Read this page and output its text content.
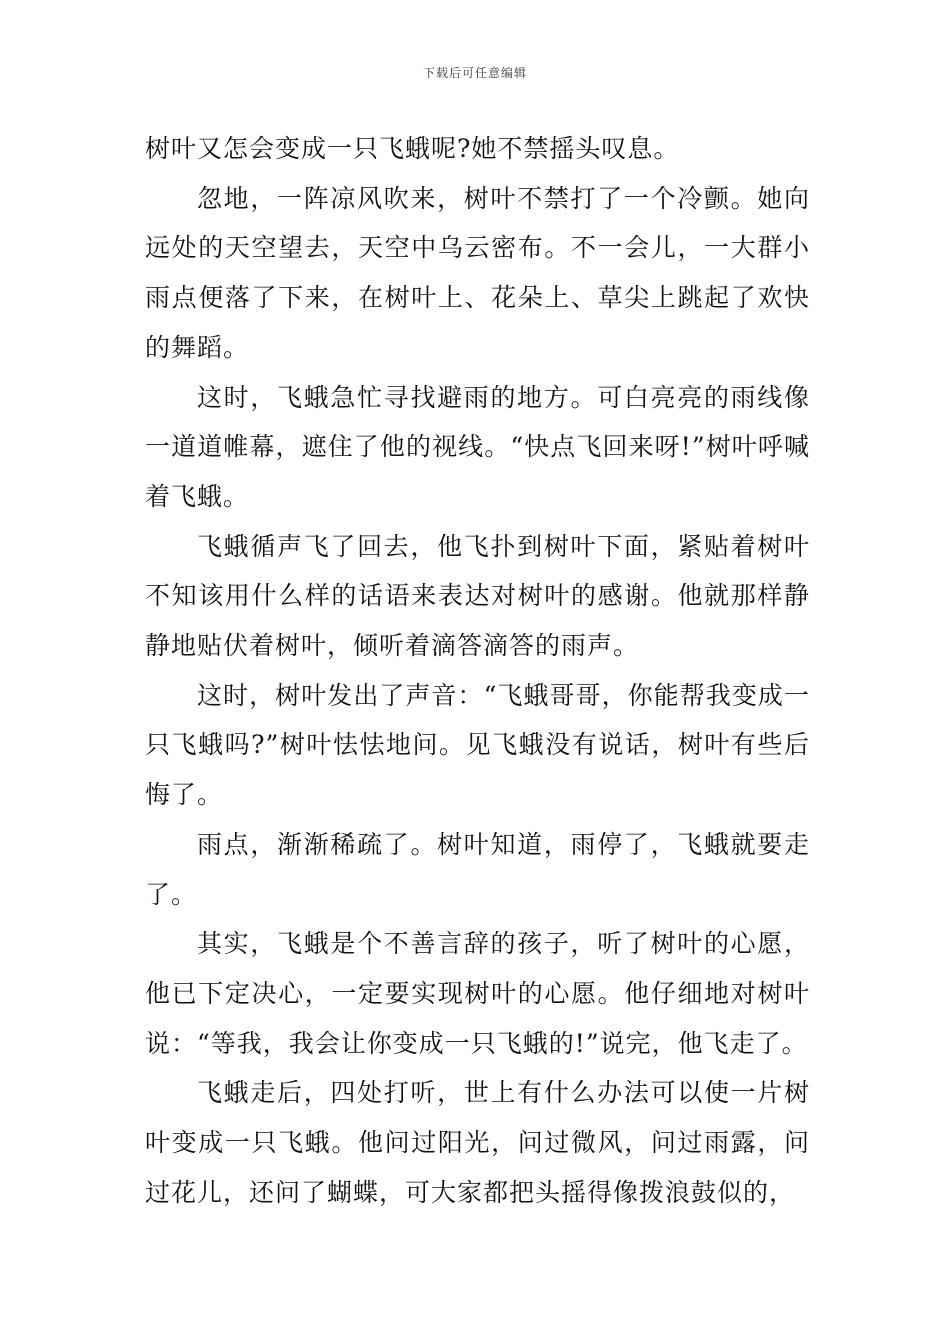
下载后可任意编辑

树叶又怎会变成一只飞蛾呢?她不禁摇头叹息。

忽地，一阵凉风吹来，树叶不禁打了一个冷颤。她向远处的天空望去，天空中乌云密布。不一会儿，一大群小雨点便落了下来，在树叶上、花朵上、草尖上跳起了欢快的舞蹈。

这时，飞蛾急忙寻找避雨的地方。可白亮亮的雨线像一道道帷幕，遮住了他的视线。“快点飞回来呀!”树叶呼喊着飞蛾。

飞蛾循声飞了回去，他飞扑到树叶下面，紧贴着树叶不知该用什么样的话语来表达对树叶的感谢。他就那样静静地贴伏着树叶，倾听着滴答滴答的雨声。

这时，树叶发出了声音：“飞蛾哥哥，你能帮我变成一只飞蛾吗?”树叶怯怯地问。见飞蛾没有说话，树叶有些后悔了。

雨点，渐渐稀疏了。树叶知道，雨停了，飞蛾就要走了。

其实，飞蛾是个不善言辞的孩子，听了树叶的心愿，他已下定决心，一定要实现树叶的心愿。他仔细地对树叶说：“等我，我会让你变成一只飞蛾的!”说完，他飞走了。

飞蛾走后，四处打听，世上有什么办法可以使一片树叶变成一只飞蛾。他问过阳光，问过微风，问过雨露，问过花儿，还问了蝴蝶，可大家都把头摇得像拨浪鼓似的，
